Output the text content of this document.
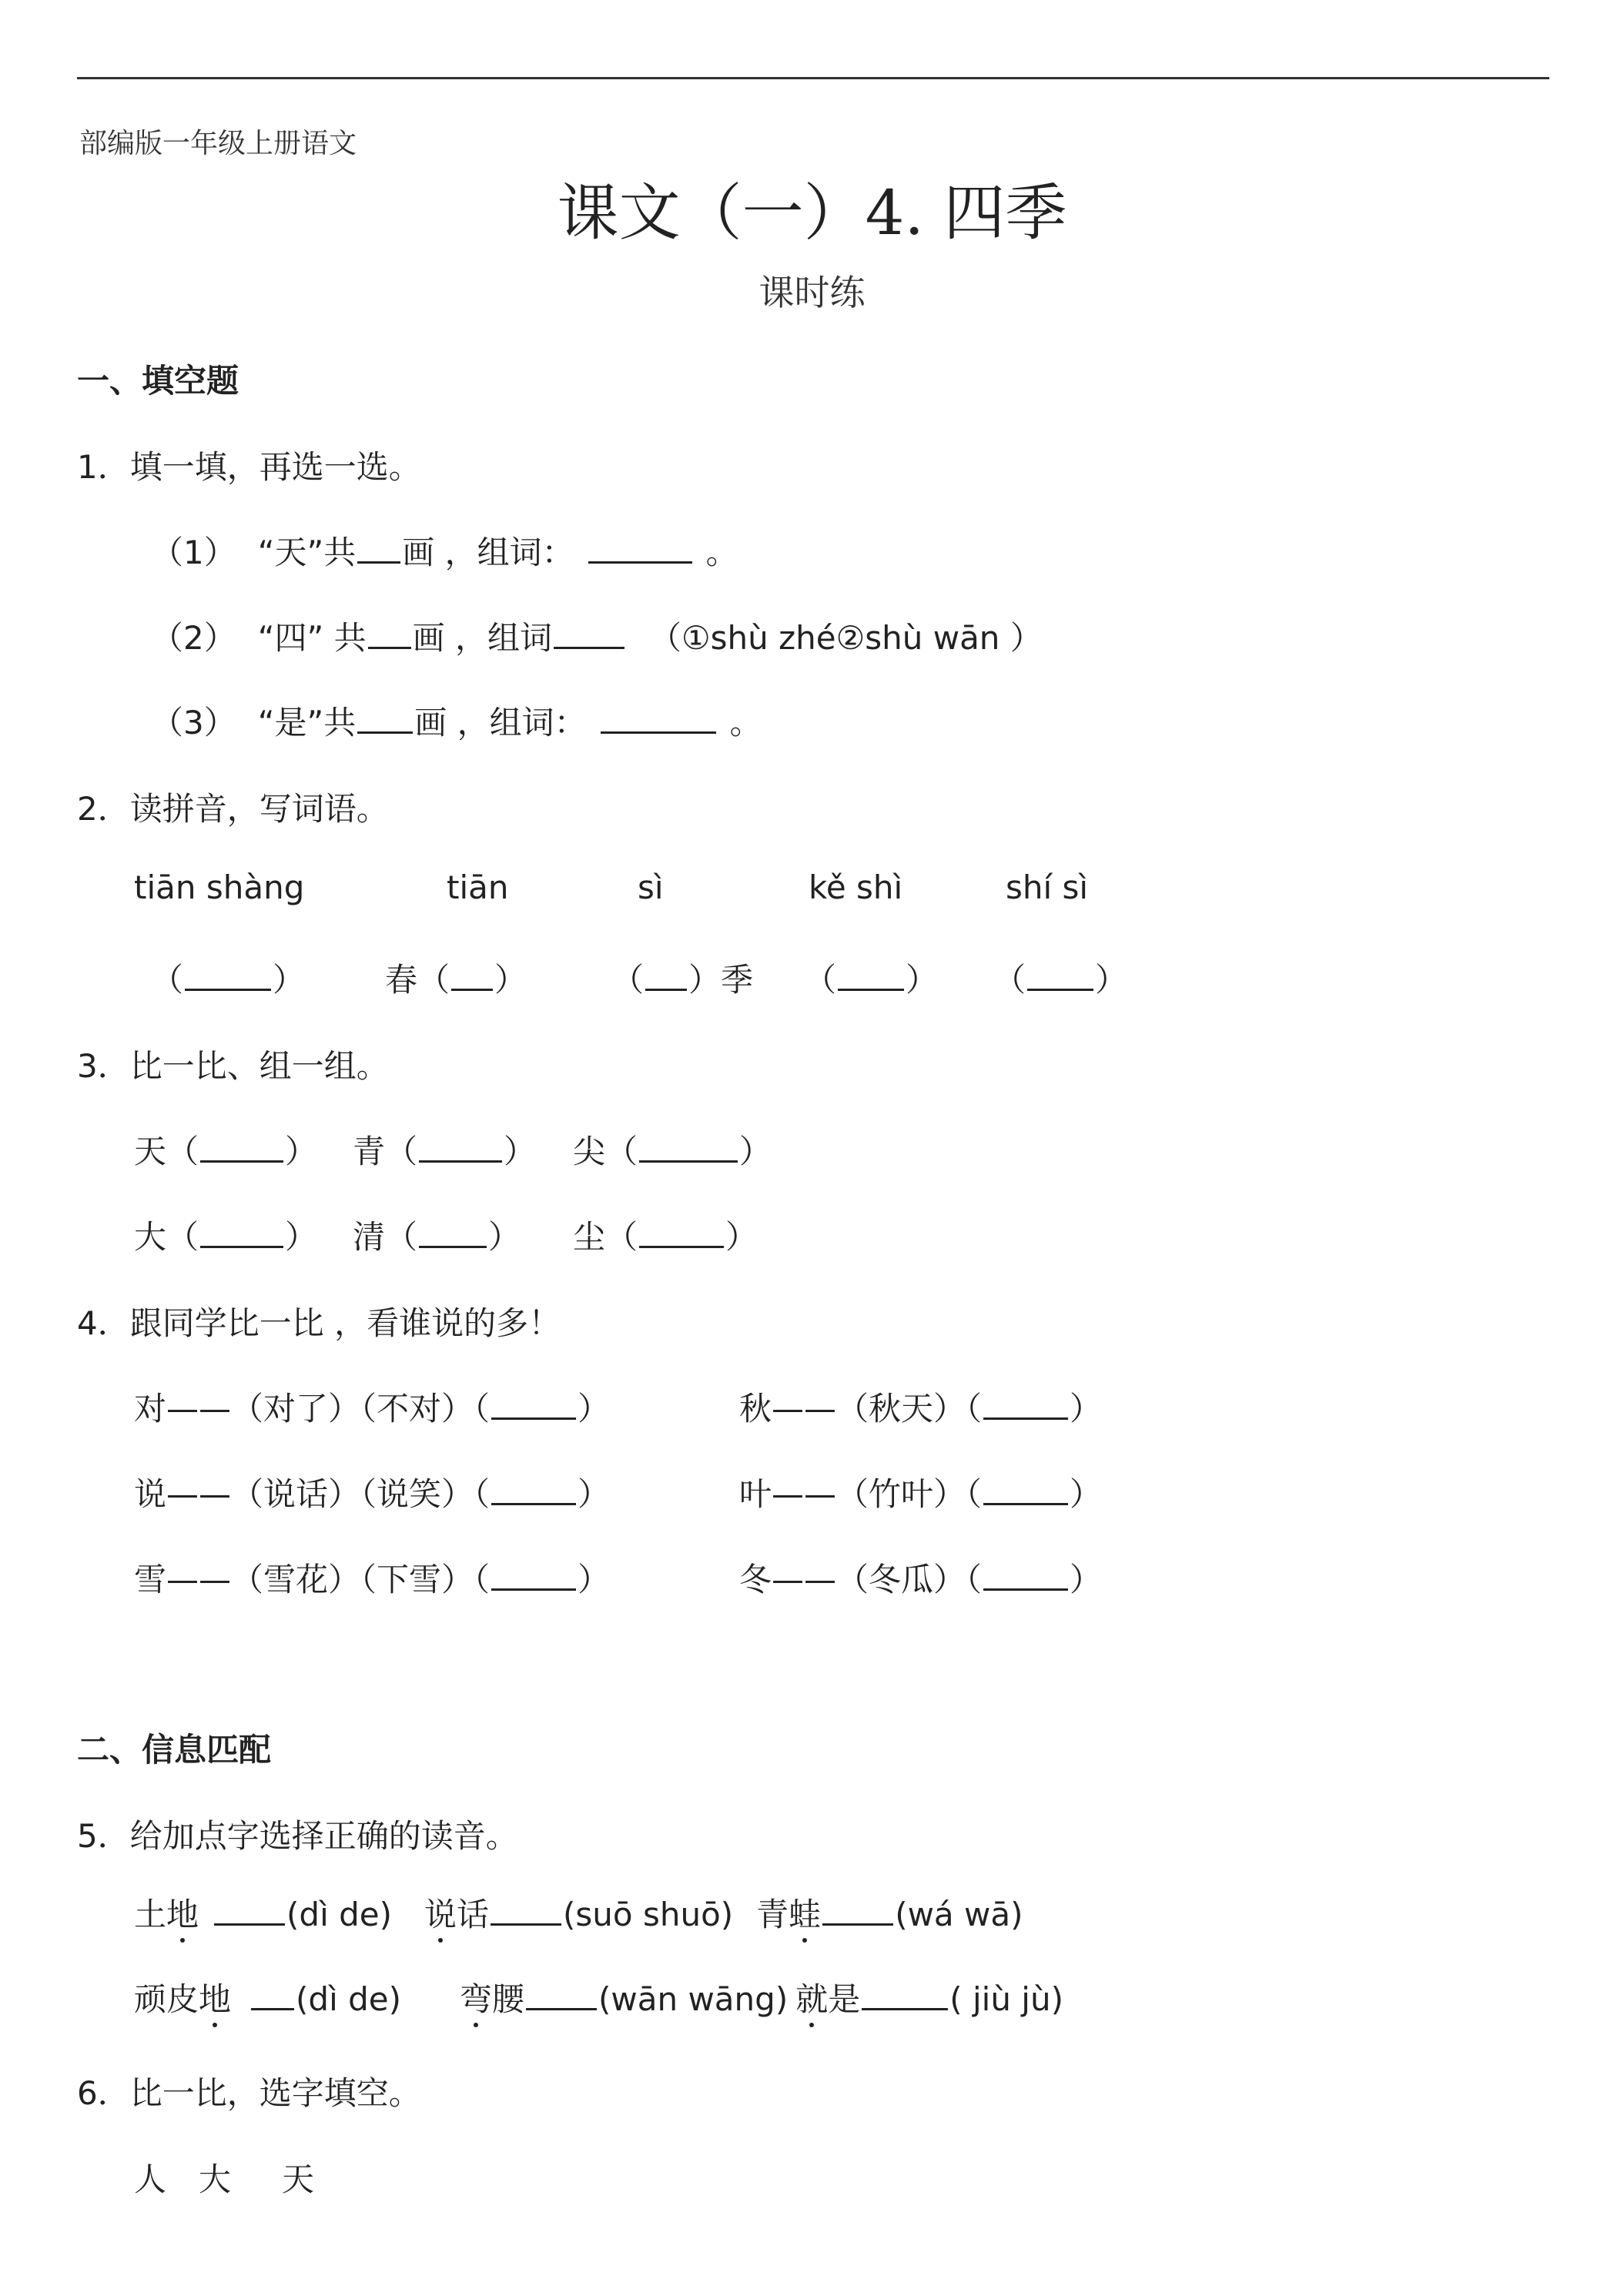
部编版一年级上册语文
课文（一）4. 四季
课时练
一、填空题
1．填一填，再选一选。
（1） “天”共 画 ，组词：	。
（2） “四” 共 画 ，组词	（①shù zhé②shù wān ）
（3） “是”共 画 ，组词：	。
2．读拼音，写词语。
tiān shàng	tiān	sì	kě shì	shí sì
（	） 春（ ）	（ ）季 （ ） （ ）
3．比一比、组一组。
天（	） 青（	） 尖（	）
大（	） 清（ ） 尘（	）
4．跟同学比一比 ，看谁说的多！
对——（对了）（不对）（	）	秋——（秋天）（	）
说——（说话）（说笑）（	）	叶——（竹叶）（	）
雪——（雪花）（下雪）（	）	冬——（冬瓜）（	）
二、信息匹配
5．给加点字选择正确的读音。
土地	(dì de) 说话 (suō shuō) 青蛙 (wá wā)
顽皮地 (dì de) 弯腰 (wān wāng) 就是	( jiù jù)
6．比一比，选字填空。
人 大 天
